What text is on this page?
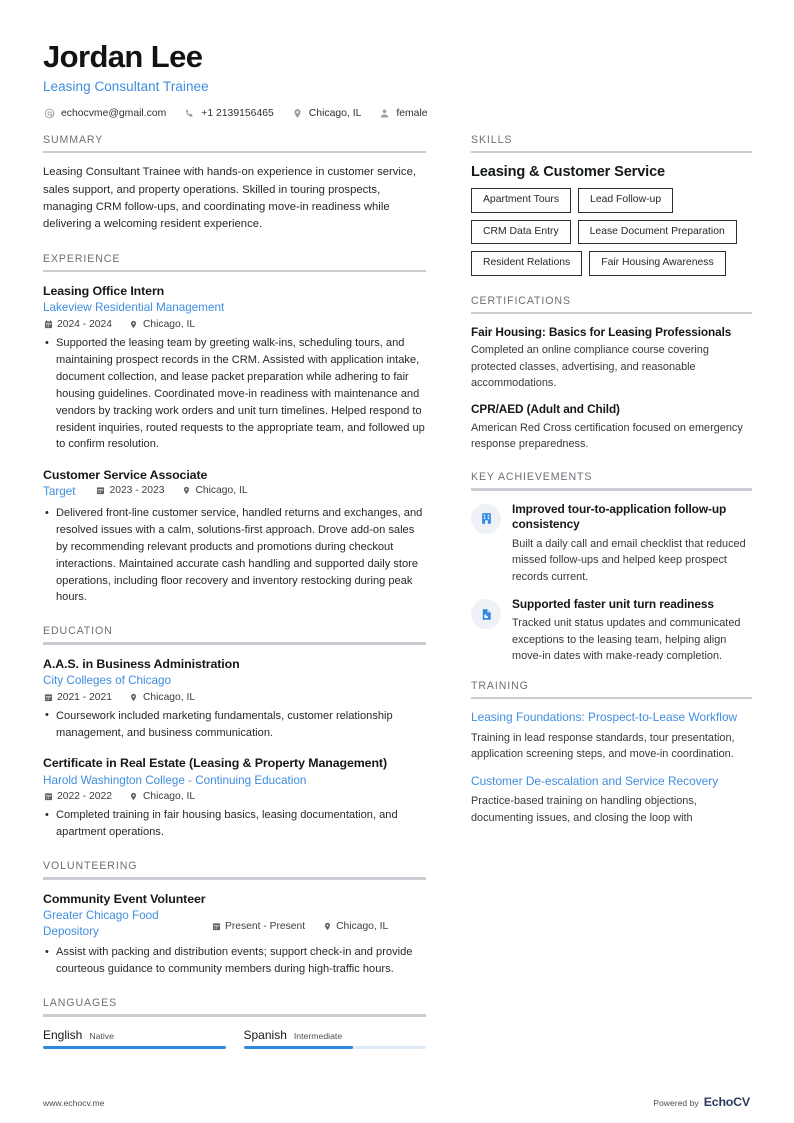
Jordan Lee
Leasing Consultant Trainee
echocvme@gmail.com	+1 2139156465	Chicago, IL	female
SUMMARY
Leasing Consultant Trainee with hands-on experience in customer service, sales support, and property operations. Skilled in touring prospects, managing CRM follow-ups, and coordinating move-in readiness while delivering a welcoming resident experience.
EXPERIENCE
Leasing Office Intern
Lakeview Residential Management
2024 - 2024	Chicago, IL
• Supported the leasing team by greeting walk-ins, scheduling tours, and maintaining prospect records in the CRM. Assisted with application intake, document collection, and lease packet preparation while adhering to fair housing guidelines. Coordinated move-in readiness with maintenance and vendors by tracking work orders and unit turn timelines. Helped respond to resident inquiries, routed requests to the appropriate team, and followed up to confirm resolution.
Customer Service Associate
Target	2023 - 2023	Chicago, IL
• Delivered front-line customer service, handled returns and exchanges, and resolved issues with a calm, solutions-first approach. Drove add-on sales by recommending relevant products and promotions during checkout interactions. Maintained accurate cash handling and supported daily store operations, including floor recovery and inventory restocking during peak hours.
EDUCATION
A.A.S. in Business Administration
City Colleges of Chicago
2021 - 2021	Chicago, IL
• Coursework included marketing fundamentals, customer relationship management, and business communication.
Certificate in Real Estate (Leasing & Property Management)
Harold Washington College - Continuing Education
2022 - 2022	Chicago, IL
• Completed training in fair housing basics, leasing documentation, and apartment operations.
VOLUNTEERING
Community Event Volunteer
Greater Chicago Food Depository	Present - Present	Chicago, IL
• Assist with packing and distribution events; support check-in and provide courteous guidance to community members during high-traffic hours.
LANGUAGES
English Native	Spanish Intermediate
SKILLS
Leasing & Customer Service
Apartment Tours	Lead Follow-up
CRM Data Entry	Lease Document Preparation
Resident Relations	Fair Housing Awareness
CERTIFICATIONS
Fair Housing: Basics for Leasing Professionals
Completed an online compliance course covering protected classes, advertising, and reasonable accommodations.
CPR/AED (Adult and Child)
American Red Cross certification focused on emergency response preparedness.
KEY ACHIEVEMENTS
Improved tour-to-application follow-up consistency
Built a daily call and email checklist that reduced missed follow-ups and helped keep prospect records current.
Supported faster unit turn readiness
Tracked unit status updates and communicated exceptions to the leasing team, helping align move-in dates with make-ready completion.
TRAINING
Leasing Foundations: Prospect-to-Lease Workflow
Training in lead response standards, tour presentation, application screening steps, and move-in coordination.
Customer De-escalation and Service Recovery
Practice-based training on handling objections, documenting issues, and closing the loop with
www.echocv.me	Powered by EchoCV
